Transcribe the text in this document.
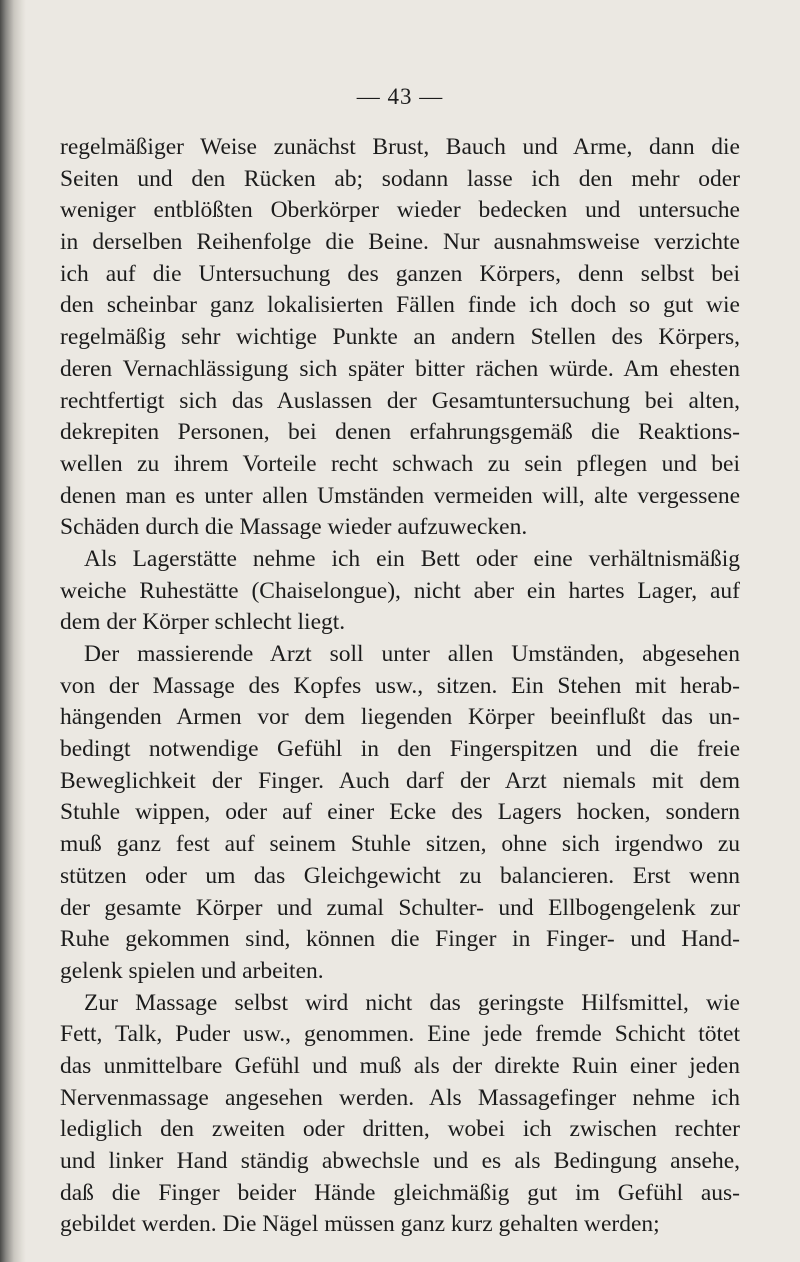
— 43 —
regelmäßiger Weise zunächst Brust, Bauch und Arme, dann die
Seiten und den Rücken ab; sodann lasse ich den mehr oder
weniger entblößten Oberkörper wieder bedecken und untersuche
in derselben Reihenfolge die Beine. Nur ausnahmsweise verzichte
ich auf die Untersuchung des ganzen Körpers, denn selbst bei
den scheinbar ganz lokalisierten Fällen finde ich doch so gut wie
regelmäßig sehr wichtige Punkte an andern Stellen des Körpers,
deren Vernachlässigung sich später bitter rächen würde. Am ehesten
rechtfertigt sich das Auslassen der Gesamtuntersuchung bei alten,
dekrepiten Personen, bei denen erfahrungsgemäß die Reaktions-
wellen zu ihrem Vorteile recht schwach zu sein pflegen und bei
denen man es unter allen Umständen vermeiden will, alte vergessene
Schäden durch die Massage wieder aufzuwecken.
Als Lagerstätte nehme ich ein Bett oder eine verhältnismäßig
weiche Ruhestätte (Chaiselongue), nicht aber ein hartes Lager, auf
dem der Körper schlecht liegt.
Der massierende Arzt soll unter allen Umständen, abgesehen
von der Massage des Kopfes usw., sitzen. Ein Stehen mit herab-
hängenden Armen vor dem liegenden Körper beeinflußt das un-
bedingt notwendige Gefühl in den Fingerspitzen und die freie
Beweglichkeit der Finger. Auch darf der Arzt niemals mit dem
Stuhle wippen, oder auf einer Ecke des Lagers hocken, sondern
muß ganz fest auf seinem Stuhle sitzen, ohne sich irgendwo zu
stützen oder um das Gleichgewicht zu balancieren. Erst wenn
der gesamte Körper und zumal Schulter- und Ellbogengelenk zur
Ruhe gekommen sind, können die Finger in Finger- und Hand-
gelenk spielen und arbeiten.
Zur Massage selbst wird nicht das geringste Hilfsmittel, wie
Fett, Talk, Puder usw., genommen. Eine jede fremde Schicht tötet
das unmittelbare Gefühl und muß als der direkte Ruin einer jeden
Nervenmassage angesehen werden. Als Massagefinger nehme ich
lediglich den zweiten oder dritten, wobei ich zwischen rechter
und linker Hand ständig abwechsle und es als Bedingung ansehe,
daß die Finger beider Hände gleichmäßig gut im Gefühl aus-
gebildet werden. Die Nägel müssen ganz kurz gehalten werden;
